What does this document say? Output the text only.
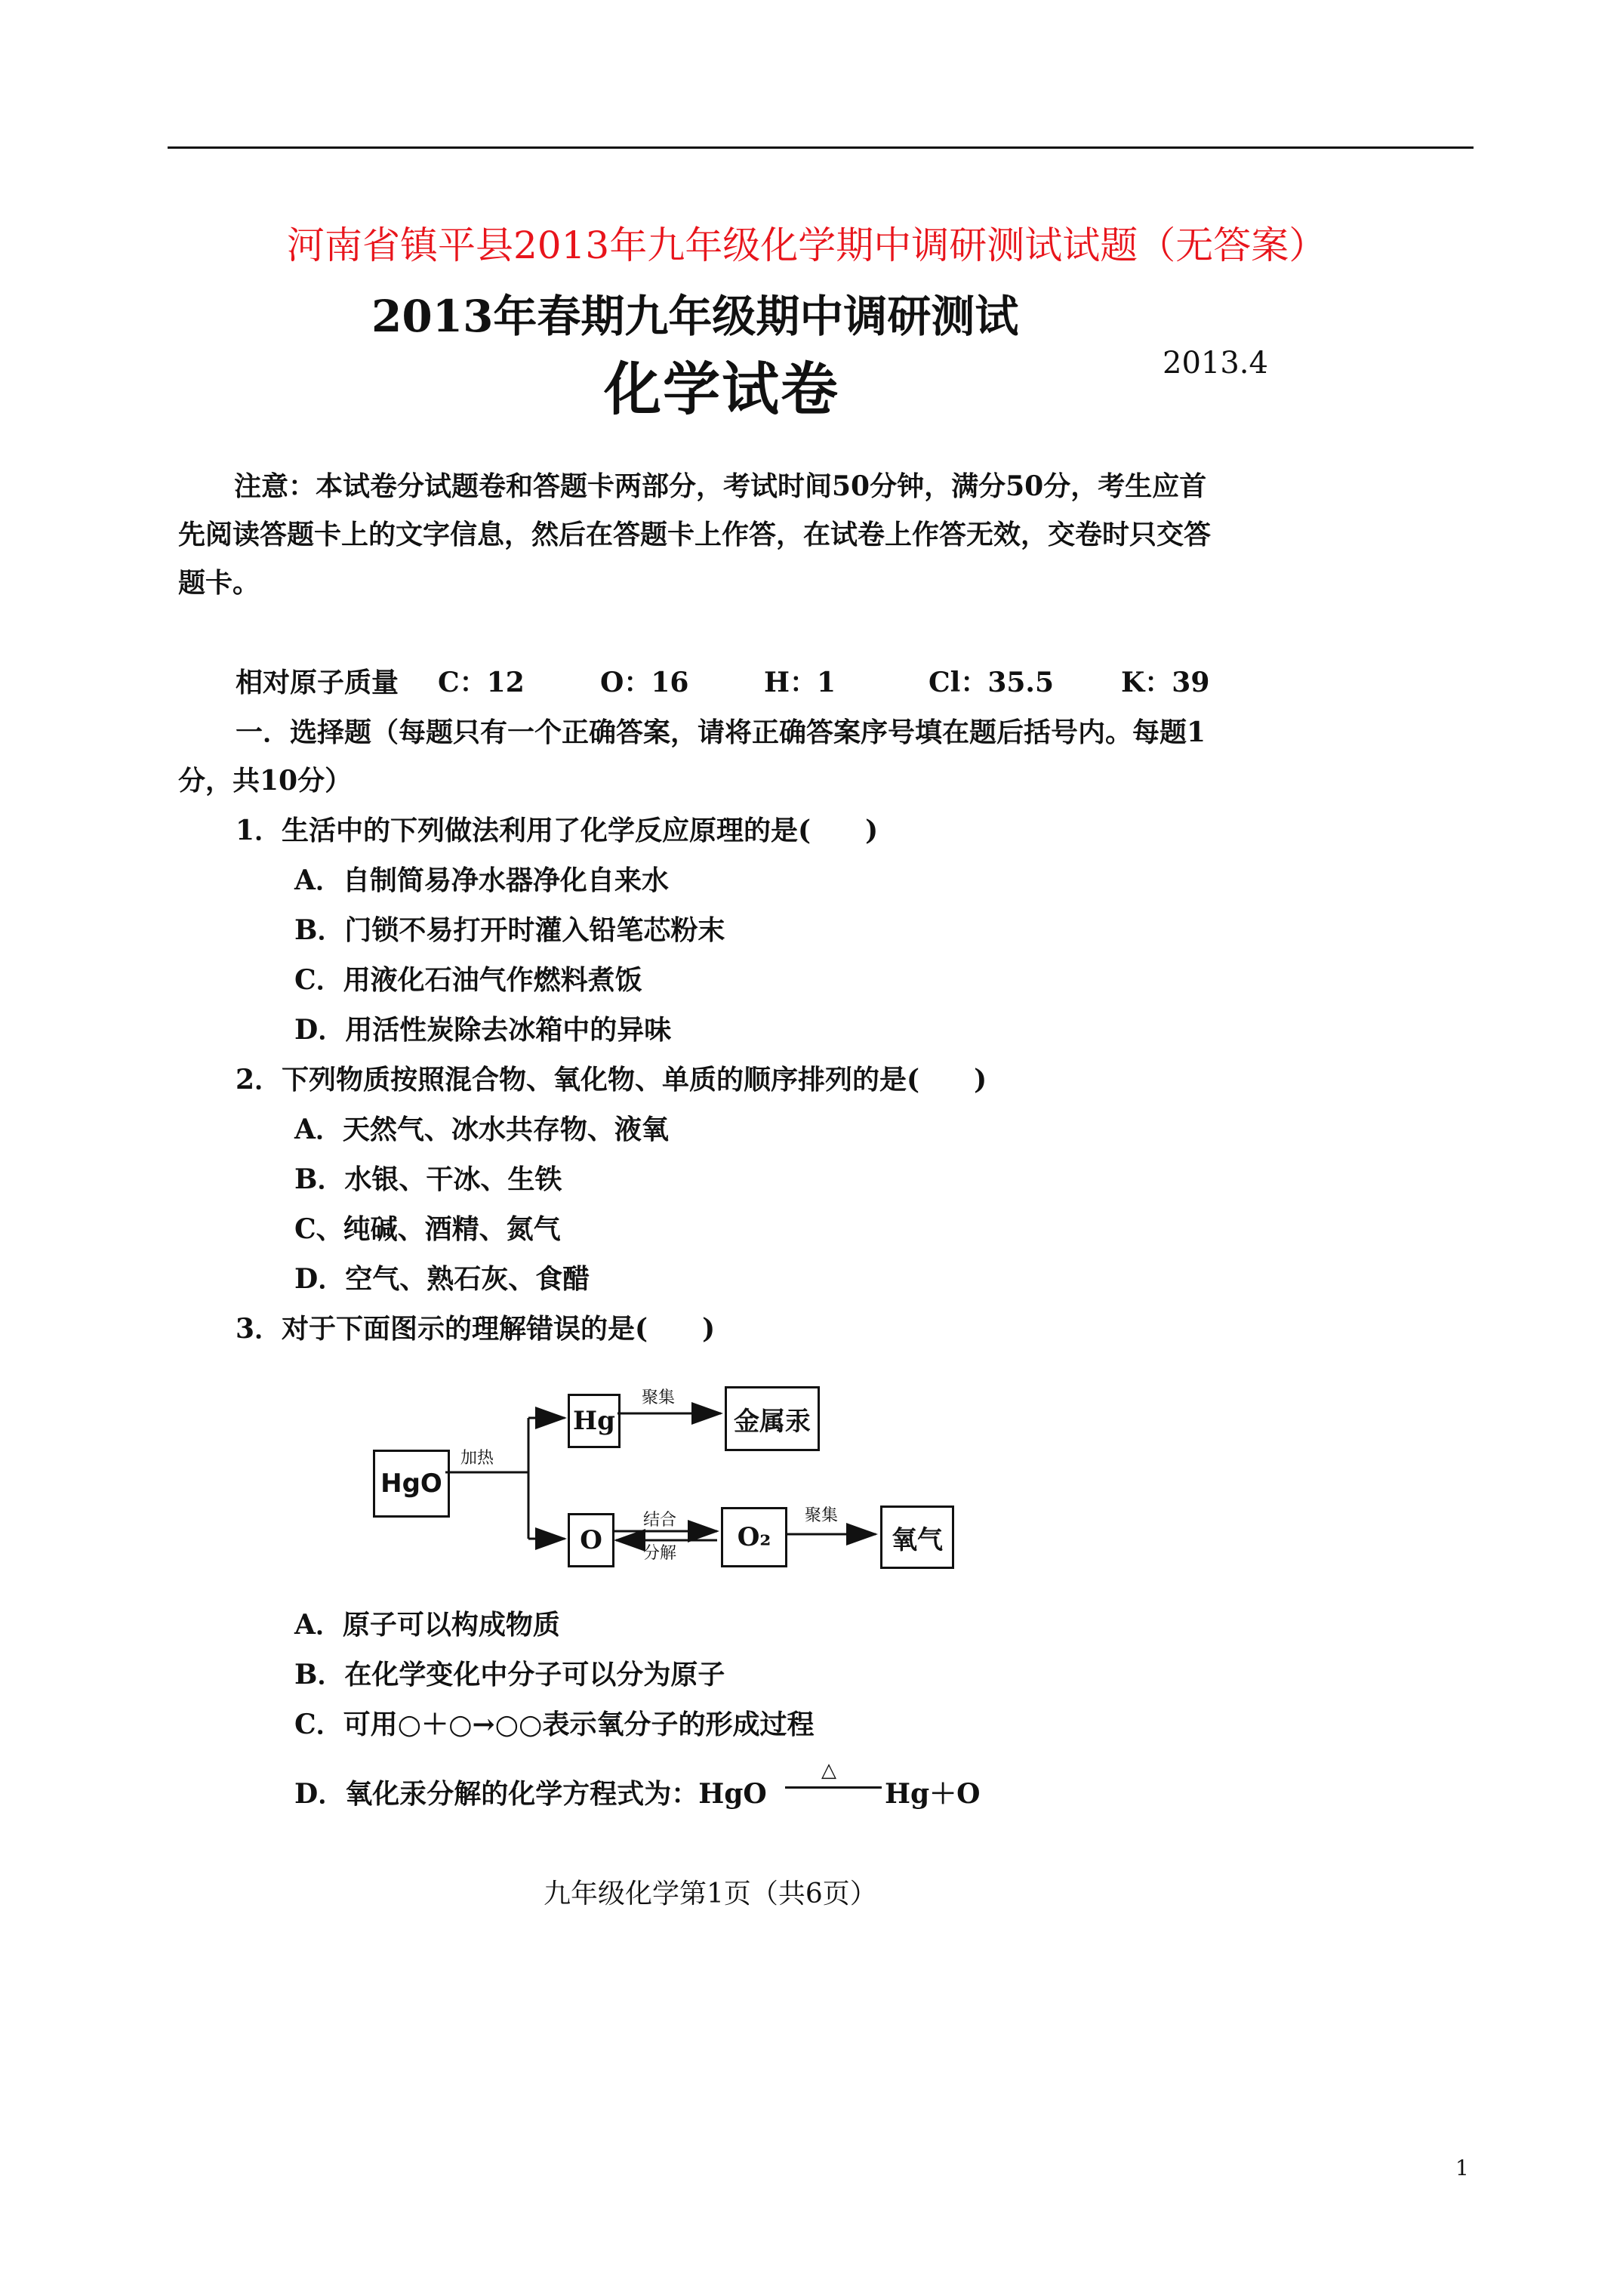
河南省镇平县2013年九年级化学期中调研测试试题（无答案）
2013年春期九年级期中调研测试
化学试卷	2013.4
注意：本试卷分试题卷和答题卡两部分，考试时间50分钟，满分50分，考生应首
先阅读答题卡上的文字信息，然后在答题卡上作答，在试卷上作答无效，交卷时只交答
题卡。
相对原子质量 C：12	O：16	H：1	Cl：35.5 K：39
一．选择题（每题只有一个正确答案，请将正确答案序号填在题后括号内。每题1
分，共10分）
1．生活中的下列做法利用了化学反应原理的是(　　)
A．自制简易净水器净化自来水
B．门锁不易打开时灌入铅笔芯粉末
C．用液化石油气作燃料煮饭
D．用活性炭除去冰箱中的异味
2．下列物质按照混合物、氧化物、单质的顺序排列的是(　　)
A．天然气、冰水共存物、液氧
B．水银、干冰、生铁
C、纯碱、酒精、氮气
D．空气、熟石灰、食醋
3．对于下面图示的理解错误的是(　　)
HgO
Hg	金属汞
O	O₂	氧气
加热
聚集
结合
分解
聚集
A．原子可以构成物质
B．在化学变化中分子可以分为原子
C．可用○＋○→○○表示氧分子的形成过程
D．氧化汞分解的化学方程式为：HgO
△
Hg＋O
九年级化学第1页（共6页）
1
